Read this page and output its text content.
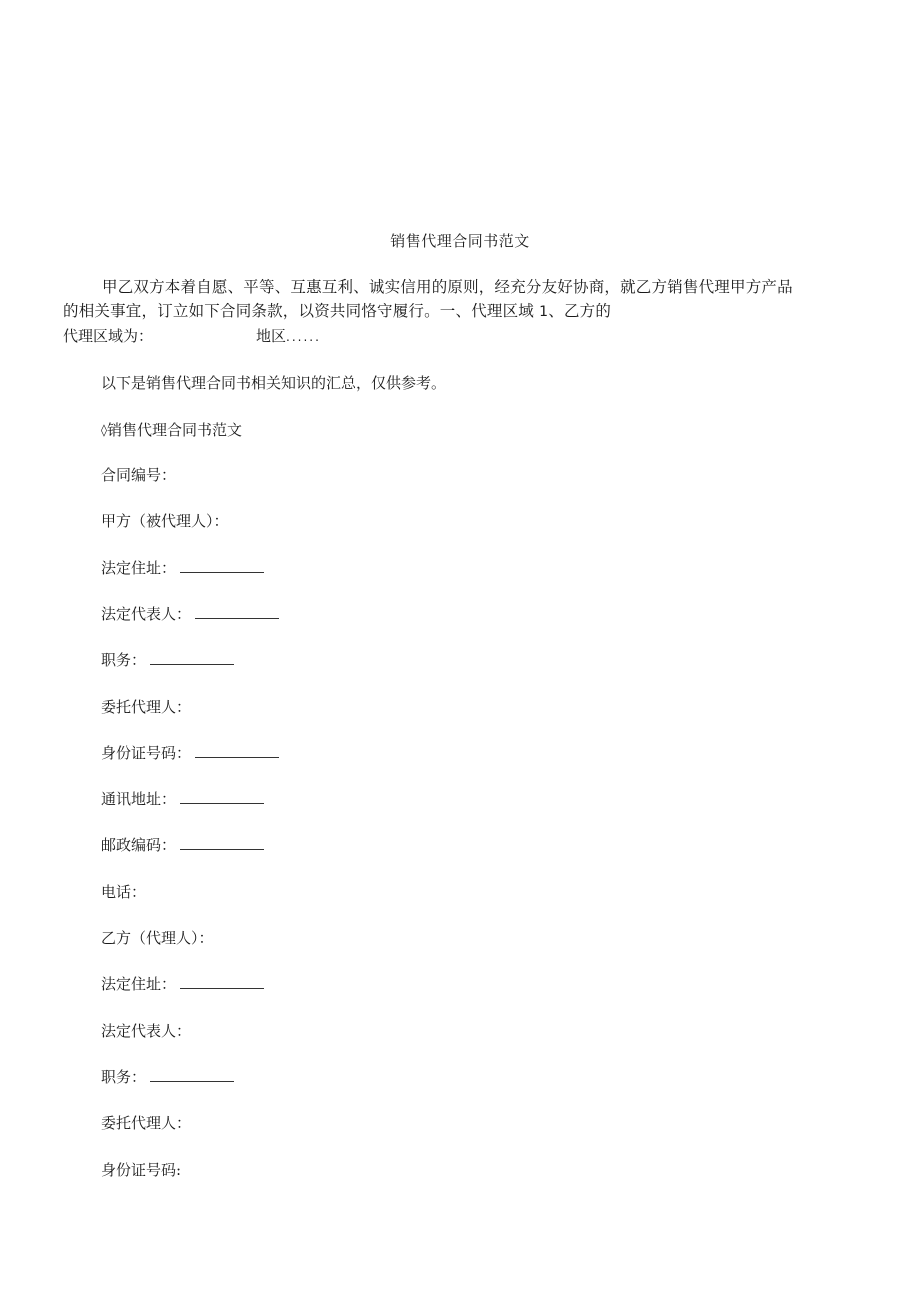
销售代理合同书范文
甲乙双方本着自愿、平等、互惠互利、诚实信用的原则，经充分友好协商，就乙方销售代理甲方产品
的相关事宜，订立如下合同条款，以资共同恪守履行。一、代理区域 1、乙方的
代理区域为：	地区......
以下是销售代理合同书相关知识的汇总，仅供参考。
◊销售代理合同书范文
合同编号：
甲方（被代理人）：
法定住址：
法定代表人：
职务：
委托代理人：
身份证号码：
通讯地址：
邮政编码：
电话：
乙方（代理人）：
法定住址：
法定代表人：
职务：
委托代理人：
身份证号码:
